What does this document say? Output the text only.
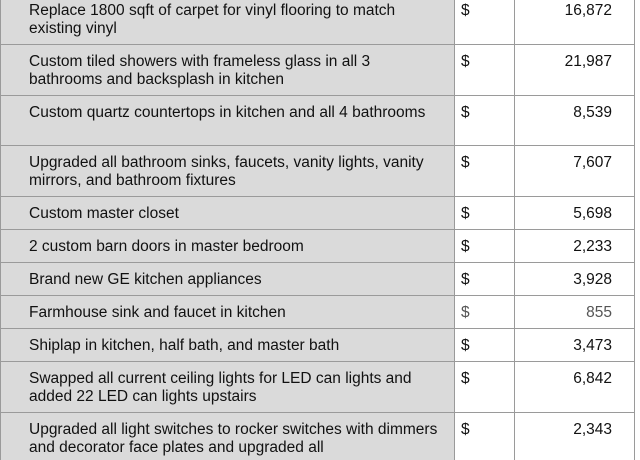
Replace 1800 sqft of carpet for vinyl flooring to match existing vinyl	$	16,872
Custom tiled showers with frameless glass in all 3 bathrooms and backsplash in kitchen	$	21,987
Custom quartz countertops in kitchen and all 4 bathrooms	$	8,539
Upgraded all bathroom sinks, faucets, vanity lights, vanity mirrors, and bathroom fixtures	$	7,607
Custom master closet	$	5,698
2 custom barn doors in master bedroom	$	2,233
Brand new GE kitchen appliances	$	3,928
Farmhouse sink and faucet in kitchen	$	855
Shiplap in kitchen, half bath, and master bath	$	3,473
Swapped all current ceiling lights for LED can lights and added 22 LED can lights upstairs	$	6,842
Upgraded all light switches to rocker switches with dimmers and decorator face plates and upgraded all	$	2,343
